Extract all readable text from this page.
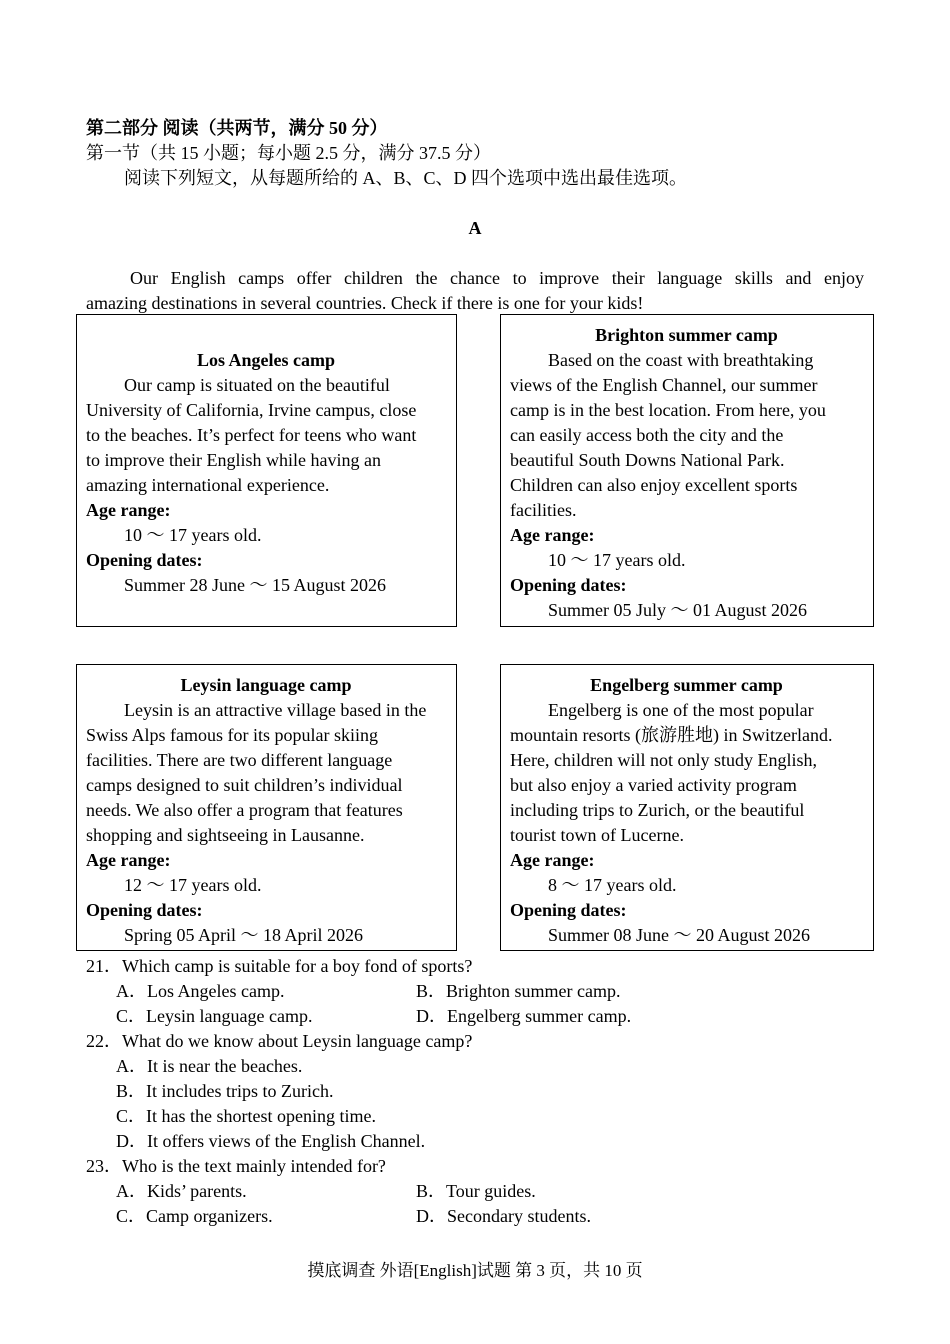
第二部分 阅读（共两节，满分 50 分）
第一节（共 15 小题；每小题 2.5 分，满分 37.5 分）
阅读下列短文，从每题所给的 A、B、C、D 四个选项中选出最佳选项。
A
Our English camps offer children the chance to improve their language skills and enjoy
amazing destinations in several countries. Check if there is one for your kids!
Los Angeles camp
Our camp is situated on the beautiful
University of California, Irvine campus, close
to the beaches. It’s perfect for teens who want
to improve their English while having an
amazing international experience.
Age range:
10 ～ 17 years old.
Opening dates:
Summer 28 June ～ 15 August 2026
Brighton summer camp
Based on the coast with breathtaking
views of the English Channel, our summer
camp is in the best location. From here, you
can easily access both the city and the
beautiful South Downs National Park.
Children can also enjoy excellent sports
facilities.
Age range:
10 ～ 17 years old.
Opening dates:
Summer 05 July ～ 01 August 2026
Leysin language camp
Leysin is an attractive village based in the
Swiss Alps famous for its popular skiing
facilities. There are two different language
camps designed to suit children’s individual
needs. We also offer a program that features
shopping and sightseeing in Lausanne.
Age range:
12 ～ 17 years old.
Opening dates:
Spring 05 April ～ 18 April 2026
Engelberg summer camp
Engelberg is one of the most popular
mountain resorts (旅游胜地) in Switzerland.
Here, children will not only study English,
but also enjoy a varied activity program
including trips to Zurich, or the beautiful
tourist town of Lucerne.
Age range:
8 ～ 17 years old.
Opening dates:
Summer 08 June ～ 20 August 2026
21．Which camp is suitable for a boy fond of sports?
A．Los Angeles camp.	B．Brighton summer camp.
C．Leysin language camp.	D．Engelberg summer camp.
22．What do we know about Leysin language camp?
A．It is near the beaches.
B．It includes trips to Zurich.
C．It has the shortest opening time.
D．It offers views of the English Channel.
23．Who is the text mainly intended for?
A．Kids’ parents.	B．Tour guides.
C．Camp organizers.	D．Secondary students.
摸底调查 外语[English]试题 第 3 页，共 10 页
